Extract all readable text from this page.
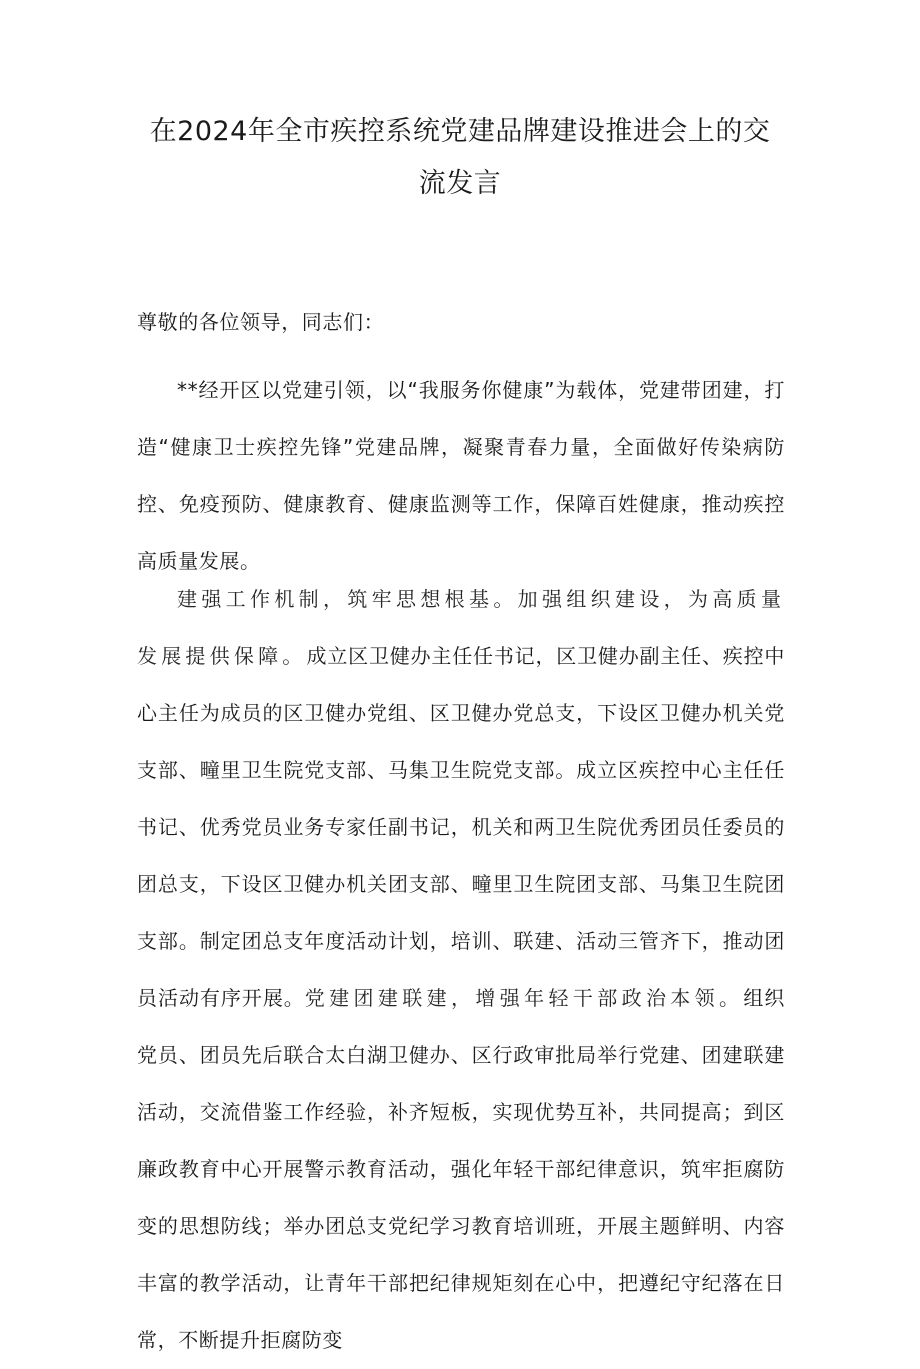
在2024年全市疾控系统党建品牌建设推进会上的交
流发言

尊敬的各位领导，同志们：

**经开区以党建引领，以“我服务你健康”为载体，党建带团建，打造“健康卫士疾控先锋”党建品牌，凝聚青春力量，全面做好传染病防控、免疫预防、健康教育、健康监测等工作，保障百姓健康，推动疾控高质量发展。

建强工作机制，筑牢思想根基。加强组织建设，为高质量发展提供保障。成立区卫健办主任任书记，区卫健办副主任、疾控中心主任为成员的区卫健办党组、区卫健办党总支，下设区卫健办机关党支部、疃里卫生院党支部、马集卫生院党支部。成立区疾控中心主任任书记、优秀党员业务专家任副书记，机关和两卫生院优秀团员任委员的团总支，下设区卫健办机关团支部、疃里卫生院团支部、马集卫生院团支部。制定团总支年度活动计划，培训、联建、活动三管齐下，推动团员活动有序开展。党建团建联建，增强年轻干部政治本领。组织党员、团员先后联合太白湖卫健办、区行政审批局举行党建、团建联建活动，交流借鉴工作经验，补齐短板，实现优势互补，共同提高；到区廉政教育中心开展警示教育活动，强化年轻干部纪律意识，筑牢拒腐防变的思想防线；举办团总支党纪学习教育培训班，开展主题鲜明、内容丰富的教学活动，让青年干部把纪律规矩刻在心中，把遵纪守纪落在日常，不断提升拒腐防变
